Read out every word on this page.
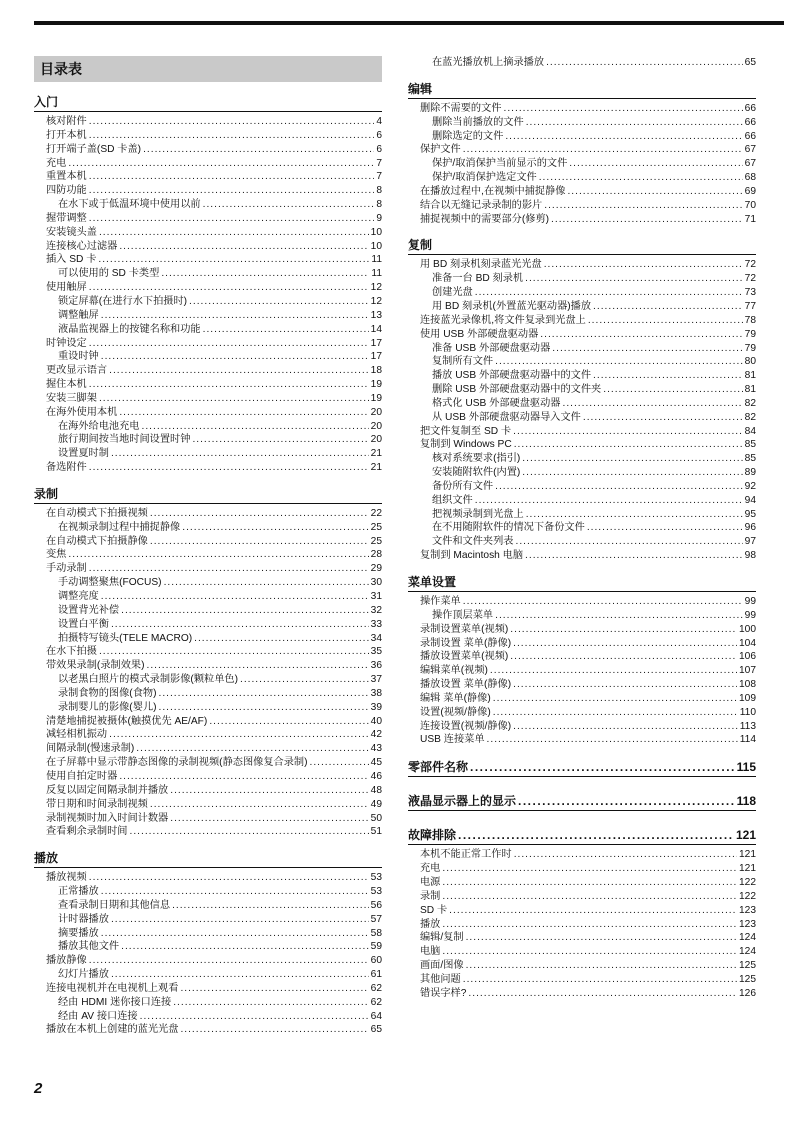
目录表
入门
核对附件 .....	4
打开本机 .....	6
打开端子盖(SD 卡盖) .....	6
充电 .....	7
重置本机 .....	7
四防功能 .....	8
在水下或于低温环境中使用以前 .....	8
握带调整 .....	9
安装镜头盖 .....	10
连接核心过滤器 .....	10
插入 SD 卡 .....	11
可以使用的 SD 卡类型 .....	11
使用触屏 .....	12
锁定屏幕(在进行水下拍摄时) .....	12
调整触屏 .....	13
液晶监视器上的按键名称和功能 .....	14
时钟设定 .....	17
重设时钟 .....	17
更改显示语言 .....	18
握住本机 .....	19
安装三脚架 .....	19
在海外使用本机 .....	20
在海外给电池充电 .....	20
旅行期间按当地时间设置时钟 .....	20
设置夏时制 .....	21
备选附件 .....	21
录制
在自动模式下拍摄视频 .....	22
在视频录制过程中捕捉静像 .....	25
在自动模式下拍摄静像 .....	25
变焦 .....	28
手动录制 .....	29
手动调整聚焦(FOCUS) .....	30
调整亮度 .....	31
设置背光补偿 .....	32
设置白平衡 .....	33
拍摄特写镜头(TELE MACRO) .....	34
在水下拍摄 .....	35
带效果录制(录制效果) .....	36
以老黑白照片的模式录制影像(颗粒单色) .....	37
录制食物的图像(食物) .....	38
录制婴儿的影像(婴儿) .....	39
清楚地捕捉被摄体(触摸优先 AE/AF) .....	40
减轻相机振动 .....	42
间隔录制(慢速录制) .....	43
在子屏幕中显示带静态图像的录制视频(静态图像复合录制) .....	45
使用自拍定时器 .....	46
反复以固定间隔录制并播放 .....	48
带日期和时间录制视频 .....	49
录制视频时加入时间计数器 .....	50
查看剩余录制时间 .....	51
播放
播放视频 .....	53
正常播放 .....	53
查看录制日期和其他信息 .....	56
计时器播放 .....	57
摘要播放 .....	58
播放其他文件 .....	59
播放静像 .....	60
幻灯片播放 .....	61
连接电视机并在电视机上观看 .....	62
经由 HDMI 迷你接口连接 .....	62
经由 AV 接口连接 .....	64
播放在本机上创建的蓝光光盘 .....	65
在蓝光播放机上摘录播放 .....	65
编辑
删除不需要的文件 .....	66
删除当前播放的文件 .....	66
删除选定的文件 .....	66
保护文件 .....	67
保护/取消保护当前显示的文件 .....	67
保护/取消保护选定文件 .....	68
在播放过程中,在视频中捕捉静像 .....	69
结合以无缝记录录制的影片 .....	70
捕捉视频中的需要部分(修剪) .....	71
复制
用 BD 刻录机刻录蓝光光盘 .....	72
准备一台 BD 刻录机 .....	72
创建光盘 .....	73
用 BD 刻录机(外置蓝光驱动器)播放 .....	77
连接蓝光录像机,将文件复录到光盘上 .....	78
使用 USB 外部硬盘驱动器 .....	79
准备 USB 外部硬盘驱动器 .....	79
复制所有文件 .....	80
播放 USB 外部硬盘驱动器中的文件 .....	81
删除 USB 外部硬盘驱动器中的文件夹 .....	81
格式化 USB 外部硬盘驱动器 .....	82
从 USB 外部硬盘驱动器导入文件 .....	82
把文件复制至 SD 卡 .....	84
复制到 Windows PC .....	85
核对系统要求(指引) .....	85
安装随附软件(内置) .....	89
备份所有文件 .....	92
组织文件 .....	94
把视频录制到光盘上 .....	95
在不用随附软件的情况下备份文件 .....	96
文件和文件夹列表 .....	97
复制到 Macintosh 电脑 .....	98
菜单设置
操作菜单 .....	99
操作顶层菜单 .....	99
录制设置菜单(视频) .....	100
录制设置 菜单(静像) .....	104
播放设置菜单(视频) .....	106
编辑菜单(视频) .....	107
播放设置 菜单(静像) .....	108
编辑 菜单(静像) .....	109
设置(视频/静像) .....	110
连接设置(视频/静像) .....	113
USB 连接菜单 .....	114
零部件名称 .....	115
液晶显示器上的显示 .....	118
故障排除 .....	121
本机不能正常工作时 .....	121
充电 .....	121
电源 .....	122
录制 .....	122
SD 卡 .....	123
播放 .....	123
编辑/复制 .....	124
电脑 .....	124
画面/图像 .....	125
其他问题 .....	125
错误字样? .....	126
2
